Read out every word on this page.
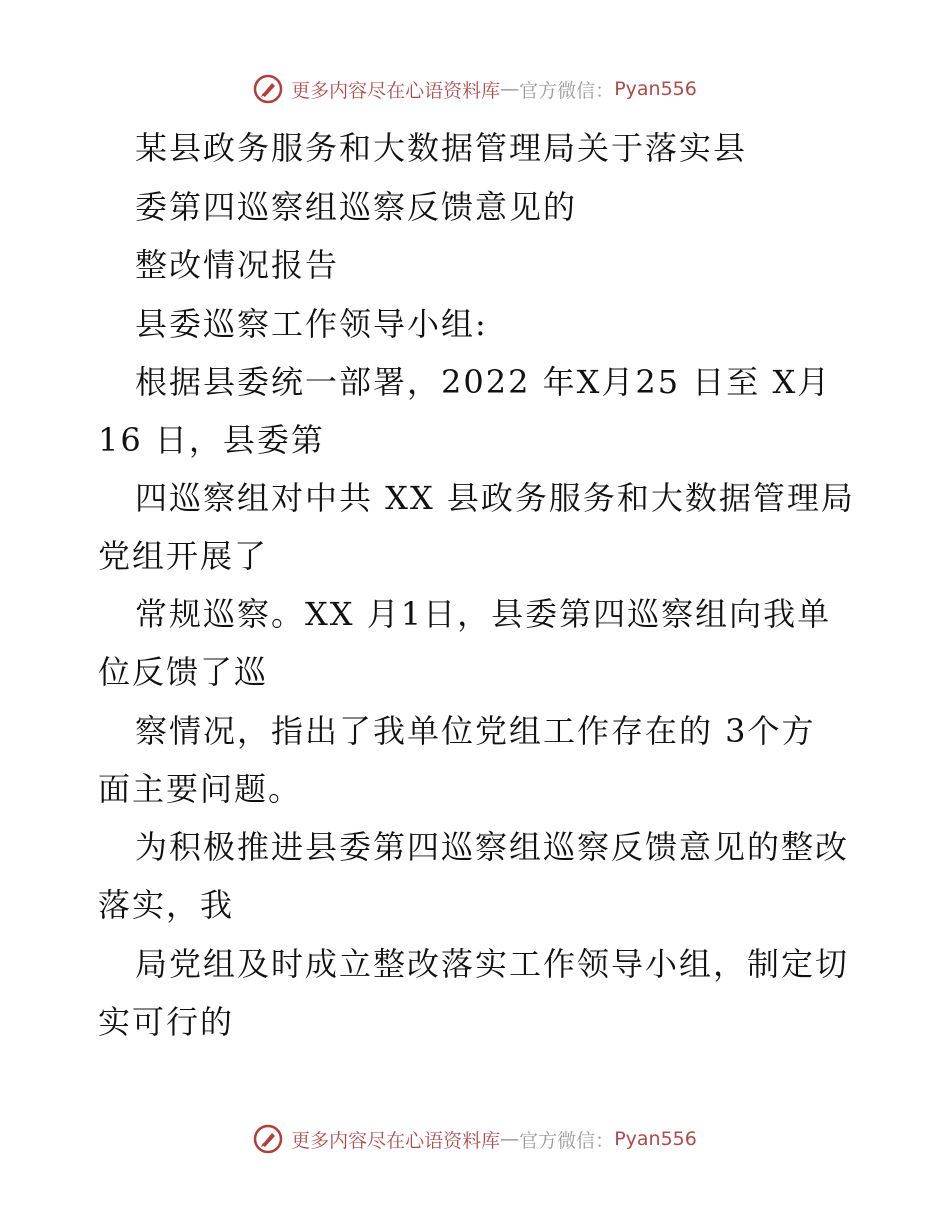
更多内容尽在心语资料库 — 官方微信： Pyan556

某县政务服务和大数据管理局关于落实县

委第四巡察组巡察反馈意见的

整改情况报告

县委巡察工作领导小组:

根据县委统一部署，2022 年X月25 日至 X月

16 日，县委第

四巡察组对中共 XX 县政务服务和大数据管理局

党组开展了

常规巡察。XX 月1日，县委第四巡察组向我单

位反馈了巡

察情况，指出了我单位党组工作存在的 3个方

面主要问题。

为积极推进县委第四巡察组巡察反馈意见的整改

落实，我

局党组及时成立整改落实工作领导小组，制定切

实可行的

更多内容尽在心语资料库 — 官方微信： Pyan556
